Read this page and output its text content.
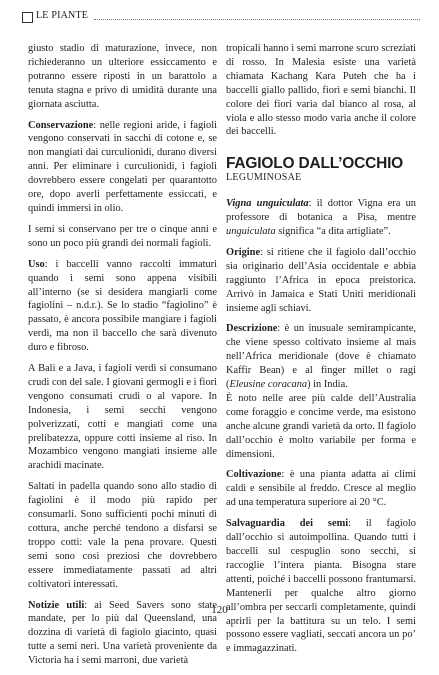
LE PIANTE

giusto stadio di maturazione, invece, non richiederanno un ulteriore essiccamento e potranno essere riposti in un barattolo a tenuta stagna e privo di umidità durante una giornata asciutta.

Conservazione: nelle regioni aride, i fagioli vengono conservati in sacchi di cotone e, se non mangiati dai curculionidi, durano diversi anni. Per eliminare i curculionidi, i fagioli dovrebbero essere congelati per quarantotto ore, dopo averli perfettamente essiccati, e quindi immersi in olio.

I semi si conservano per tre o cinque anni e sono un poco più grandi dei normali fagioli.

Uso: i baccelli vanno raccolti immaturi quando i semi sono appena visibili all’interno (se si desidera mangiarli come fagiolini – n.d.r.). Se lo stadio “fagiolino” è passato, è ancora possibile mangiare i fagioli verdi, ma non il baccello che sarà divenuto duro e fibroso.

A Bali e a Java, i fagioli verdi si consumano crudi con del sale. I giovani germogli e i fiori vengono consumati crudi o al vapore. In Indonesia, i semi secchi vengono polverizzati, cotti e mangiati come una prelibatezza, oppure cotti insieme al riso. In Mozambico vengono mangiati insieme alle arachidi macinate.

Saltati in padella quando sono allo stadio di fagiolini è il modo più rapido per consumarli. Sono sufficienti pochi minuti di cottura, anche perché tendono a disfarsi se troppo cotti: vale la pena provare. Questi semi sono così preziosi che dovrebbero essere immediatamente passati ad altri coltivatori interessati.

Notizie utili: ai Seed Savers sono state mandate, per lo più dal Queensland, una dozzina di varietà di fagiolo giacinto, quasi tutte a semi neri. Una varietà proveniente da Victoria ha i semi marroni, due varietà

tropicali hanno i semi marrone scuro screziati di rosso. In Malesia esiste una varietà chiamata Kachang Kara Puteh che ha i baccelli giallo pallido, fiori e semi bianchi. Il colore dei fiori varia dal bianco al rosa, al viola e allo stesso modo varia anche il colore dei baccelli.

FAGIOLO DALL’OCCHIO
LEGUMINOSAE

Vigna unguiculata: il dottor Vigna era un professore di botanica a Pisa, mentre unguiculata significa “a dita artigliate”.

Origine: si ritiene che il fagiolo dall’occhio sia originario dell’Asia occidentale e abbia raggiunto l’Africa in epoca preistorica. Arrivò in Jamaica e Stati Uniti meridionali insieme agli schiavi.

Descrizione: è un inusuale semirampicante, che viene spesso coltivato insieme al mais nell’Africa meridionale (dove è chiamato Kaffir Bean) e al finger millet o ragi (Eleusine coracana) in India.

È noto nelle aree più calde dell’Australia come foraggio e concime verde, ma esistono anche alcune grandi varietà da orto. Il fagiolo dall’occhio è molto variabile per forma e dimensioni.

Coltivazione: è una pianta adatta ai climi caldi e sensibile al freddo. Cresce al meglio ad una temperatura superiore ai 20 °C.

Salvaguardia dei semi: il fagiolo dall’occhio si autoimpollina. Quando tutti i baccelli sul cespuglio sono secchi, si raccoglie l’intera pianta. Bisogna stare attenti, poiché i baccelli possono frantumarsi. Mantenerli per qualche altro giorno all’ombra per seccarli completamente, quindi aprirli per la battitura su un telo. I semi possono essere vagliati, seccati ancora un po’ e immagazzinati.

120
